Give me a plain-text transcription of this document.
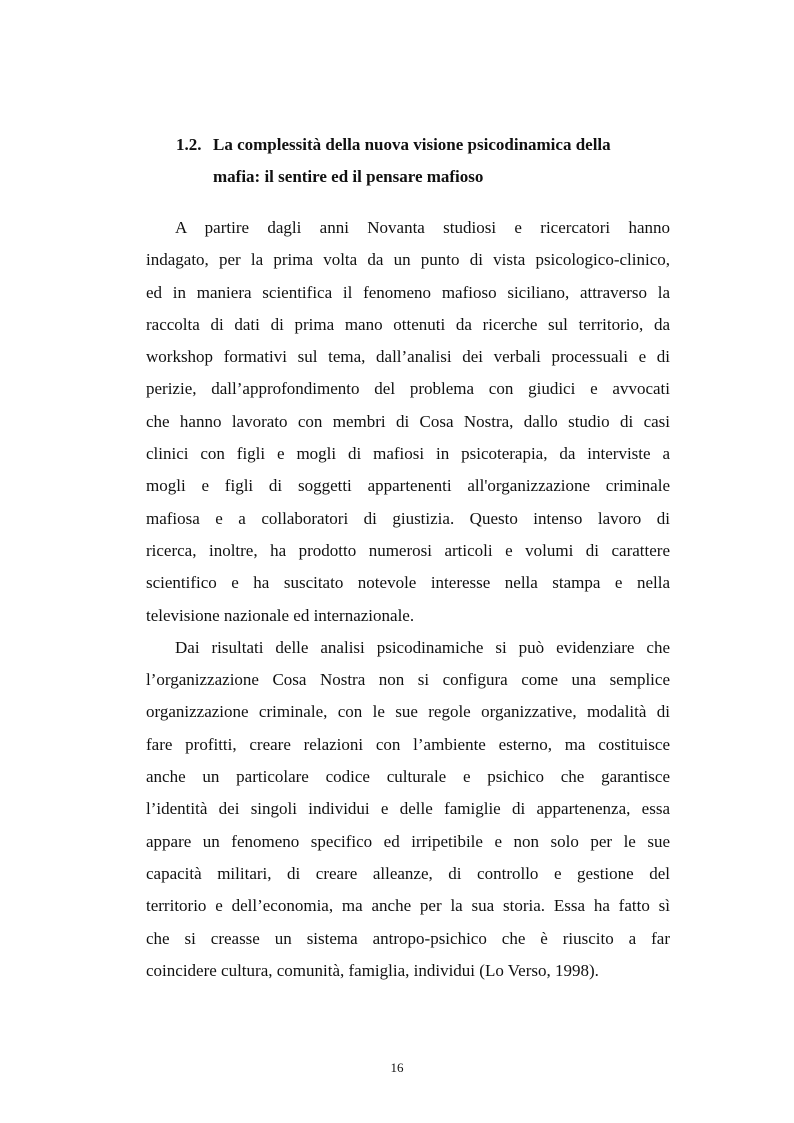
1.2. La complessità della nuova visione psicodinamica della
mafia: il sentire ed il pensare mafioso
A partire dagli anni Novanta studiosi e ricercatori hanno
indagato, per la prima volta da un punto di vista psicologico-clinico,
ed in maniera scientifica il fenomeno mafioso siciliano, attraverso la
raccolta di dati di prima mano ottenuti da ricerche sul territorio, da
workshop formativi sul tema, dall’analisi dei verbali processuali e di
perizie, dall’approfondimento del problema con giudici e avvocati
che hanno lavorato con membri di Cosa Nostra, dallo studio di casi
clinici con figli e mogli di mafiosi in psicoterapia, da interviste a
mogli e figli di soggetti appartenenti all'organizzazione criminale
mafiosa e a collaboratori di giustizia. Questo intenso lavoro di
ricerca, inoltre, ha prodotto numerosi articoli e volumi di carattere
scientifico e ha suscitato notevole interesse nella stampa e nella
televisione nazionale ed internazionale.
Dai risultati delle analisi psicodinamiche si può evidenziare che
l’organizzazione Cosa Nostra non si configura come una semplice
organizzazione criminale, con le sue regole organizzative, modalità di
fare profitti, creare relazioni con l’ambiente esterno, ma costituisce
anche un particolare codice culturale e psichico che garantisce
l’identità dei singoli individui e delle famiglie di appartenenza, essa
appare un fenomeno specifico ed irripetibile e non solo per le sue
capacità militari, di creare alleanze, di controllo e gestione del
territorio e dell’economia, ma anche per la sua storia. Essa ha fatto sì
che si creasse un sistema antropo-psichico che è riuscito a far
coincidere cultura, comunità, famiglia, individui (Lo Verso, 1998).
16
